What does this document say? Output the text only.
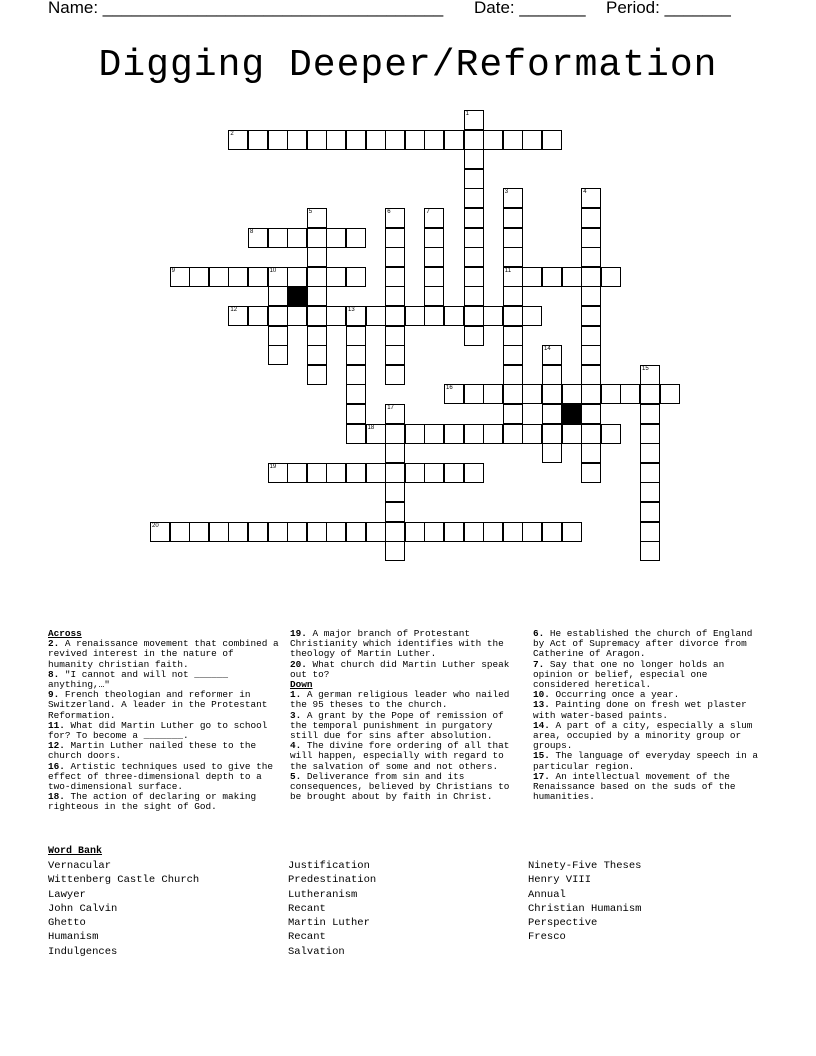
Name: ____________________________________ Date: _______ Period: _______
Digging Deeper/Reformation
2
8
9	10	11
12	13
16
18
19
20
1
3	4
5	6	7
14
15
17
Across
2. A renaissance movement that combined a revived interest in the nature of humanity christian faith.
8. "I cannot and will not ______ anything,…"
9. French theologian and reformer in Switzerland. A leader in the Protestant Reformation.
11. What did Martin Luther go to school for? To become a _______.
12. Martin Luther nailed these to the church doors.
16. Artistic techniques used to give the effect of three-dimensional depth to a two-dimensional surface.
18. The action of declaring or making righteous in the sight of God.
19. A major branch of Protestant Christianity which identifies with the theology of Martin Luther.
20. What church did Martin Luther speak out to?
Down
1. A german religious leader who nailed the 95 theses to the church.
3. A grant by the Pope of remission of the temporal punishment in purgatory still due for sins after absolution.
4. The divine fore ordering of all that will happen, especially with regard to the salvation of some and not others.
5. Deliverance from sin and its consequences, believed by Christians to be brought about by faith in Christ.
6. He established the church of England by Act of Supremacy after divorce from Catherine of Aragon.
7. Say that one no longer holds an opinion or belief, especial one considered heretical.
10. Occurring once a year.
13. Painting done on fresh wet plaster with water-based paints.
14. A part of a city, especially a slum area, occupied by a minority group or groups.
15. The language of everyday speech in a particular region.
17. An intellectual movement of the Renaissance based on the suds of the humanities.
Word Bank
Vernacular
Wittenberg Castle Church
Lawyer
John Calvin
Ghetto
Humanism
Indulgences
Justification
Predestination
Lutheranism
Recant
Martin Luther
Recant
Salvation
Ninety-Five Theses
Henry VIII
Annual
Christian Humanism
Perspective
Fresco
